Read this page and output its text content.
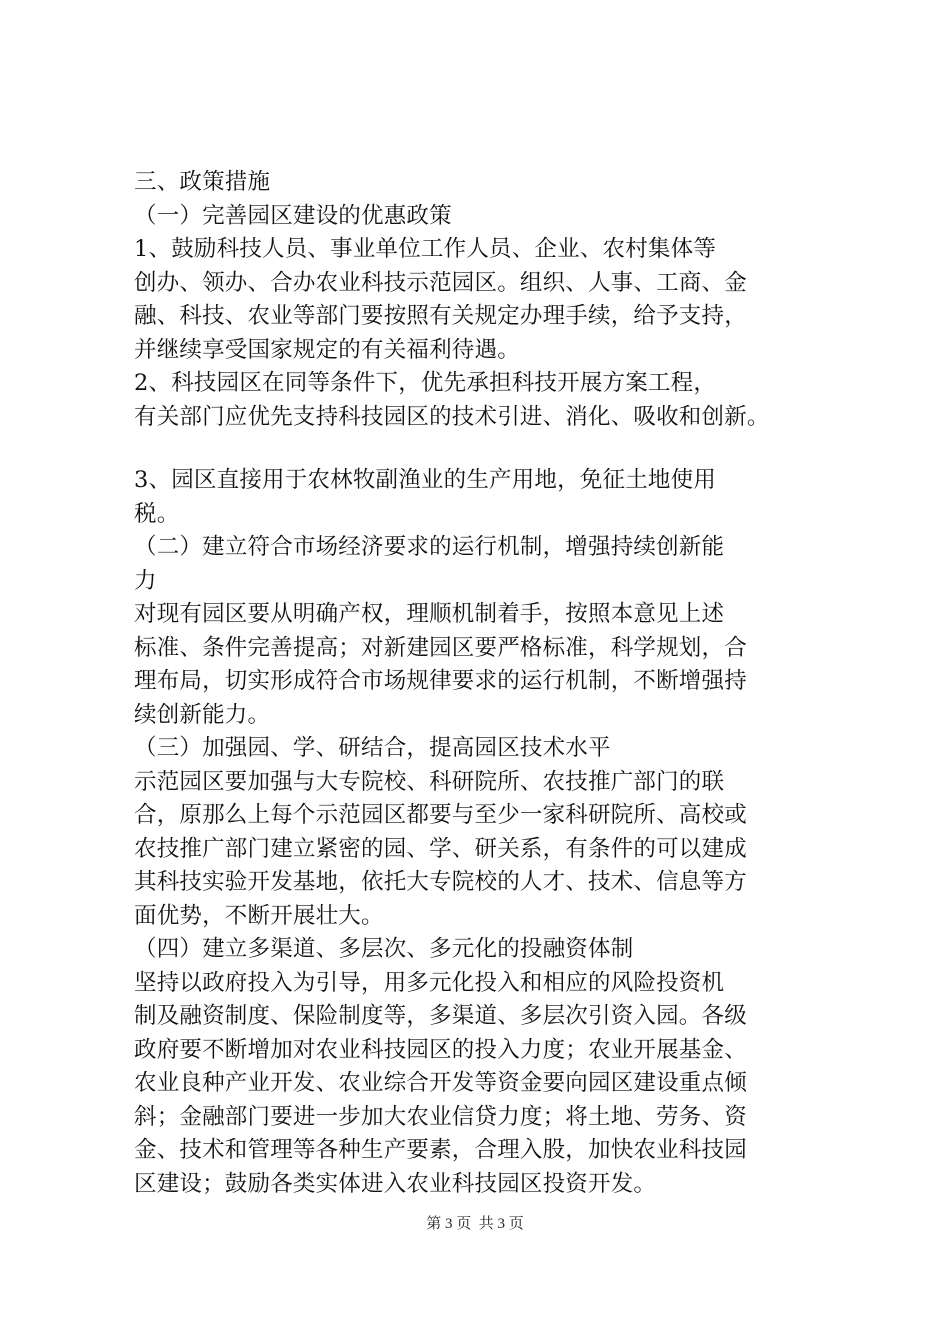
三、政策措施

（一）完善园区建设的优惠政策

1、鼓励科技人员、事业单位工作人员、企业、农村集体等

创办、领办、合办农业科技示范园区。组织、人事、工商、金

融、科技、农业等部门要按照有关规定办理手续，给予支持，

并继续享受国家规定的有关福利待遇。

2、科技园区在同等条件下，优先承担科技开展方案工程，

有关部门应优先支持科技园区的技术引进、消化、吸收和创新。

3、园区直接用于农林牧副渔业的生产用地，免征土地使用

税。

（二）建立符合市场经济要求的运行机制，增强持续创新能

力

对现有园区要从明确产权，理顺机制着手，按照本意见上述

标准、条件完善提高；对新建园区要严格标准，科学规划，合

理布局，切实形成符合市场规律要求的运行机制，不断增强持

续创新能力。

（三）加强园、学、研结合，提高园区技术水平

示范园区要加强与大专院校、科研院所、农技推广部门的联

合，原那么上每个示范园区都要与至少一家科研院所、高校或

农技推广部门建立紧密的园、学、研关系，有条件的可以建成

其科技实验开发基地，依托大专院校的人才、技术、信息等方

面优势，不断开展壮大。

（四）建立多渠道、多层次、多元化的投融资体制

坚持以政府投入为引导，用多元化投入和相应的风险投资机

制及融资制度、保险制度等，多渠道、多层次引资入园。各级

政府要不断增加对农业科技园区的投入力度；农业开展基金、

农业良种产业开发、农业综合开发等资金要向园区建设重点倾

斜；金融部门要进一步加大农业信贷力度；将土地、劳务、资

金、技术和管理等各种生产要素，合理入股，加快农业科技园

区建设；鼓励各类实体进入农业科技园区投资开发。

第 3 页  共 3 页
